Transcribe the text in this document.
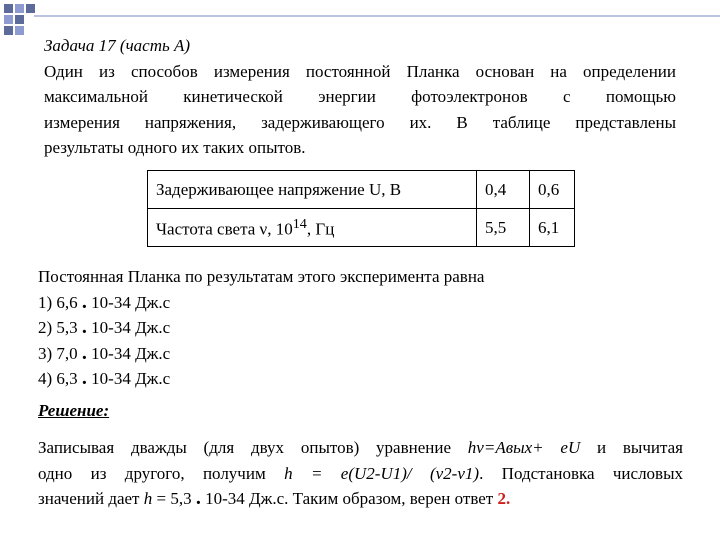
Задача 17 (часть А)
Один из способов измерения постоянной Планка основан на определении
максимальной кинетической энергии фотоэлектронов с помощью
измерения напряжения, задерживающего их. В таблице представлены
результаты одного их таких опытов.
Задерживающее напряжение U, В	0,4	0,6
Частота света ν, $10^{14}$, Гц	5,5	6,1
Постоянная Планка по результатам этого эксперимента равна
1) 6,6 . 10-34 Дж.с
2) 5,3 . 10-34 Дж.с
3) 7,0 . 10-34 Дж.с
4) 6,3 . 10-34 Дж.с
Решение:
Записывая дважды (для двух опытов) уравнение hν=Авых+ eU и вычитая
одно из другого, получим h = e(U2-U1)/ (ν2-ν1). Подстановка числовых
значений дает h = 5,3 . 10-34 Дж.с. Таким образом, верен ответ 2.
